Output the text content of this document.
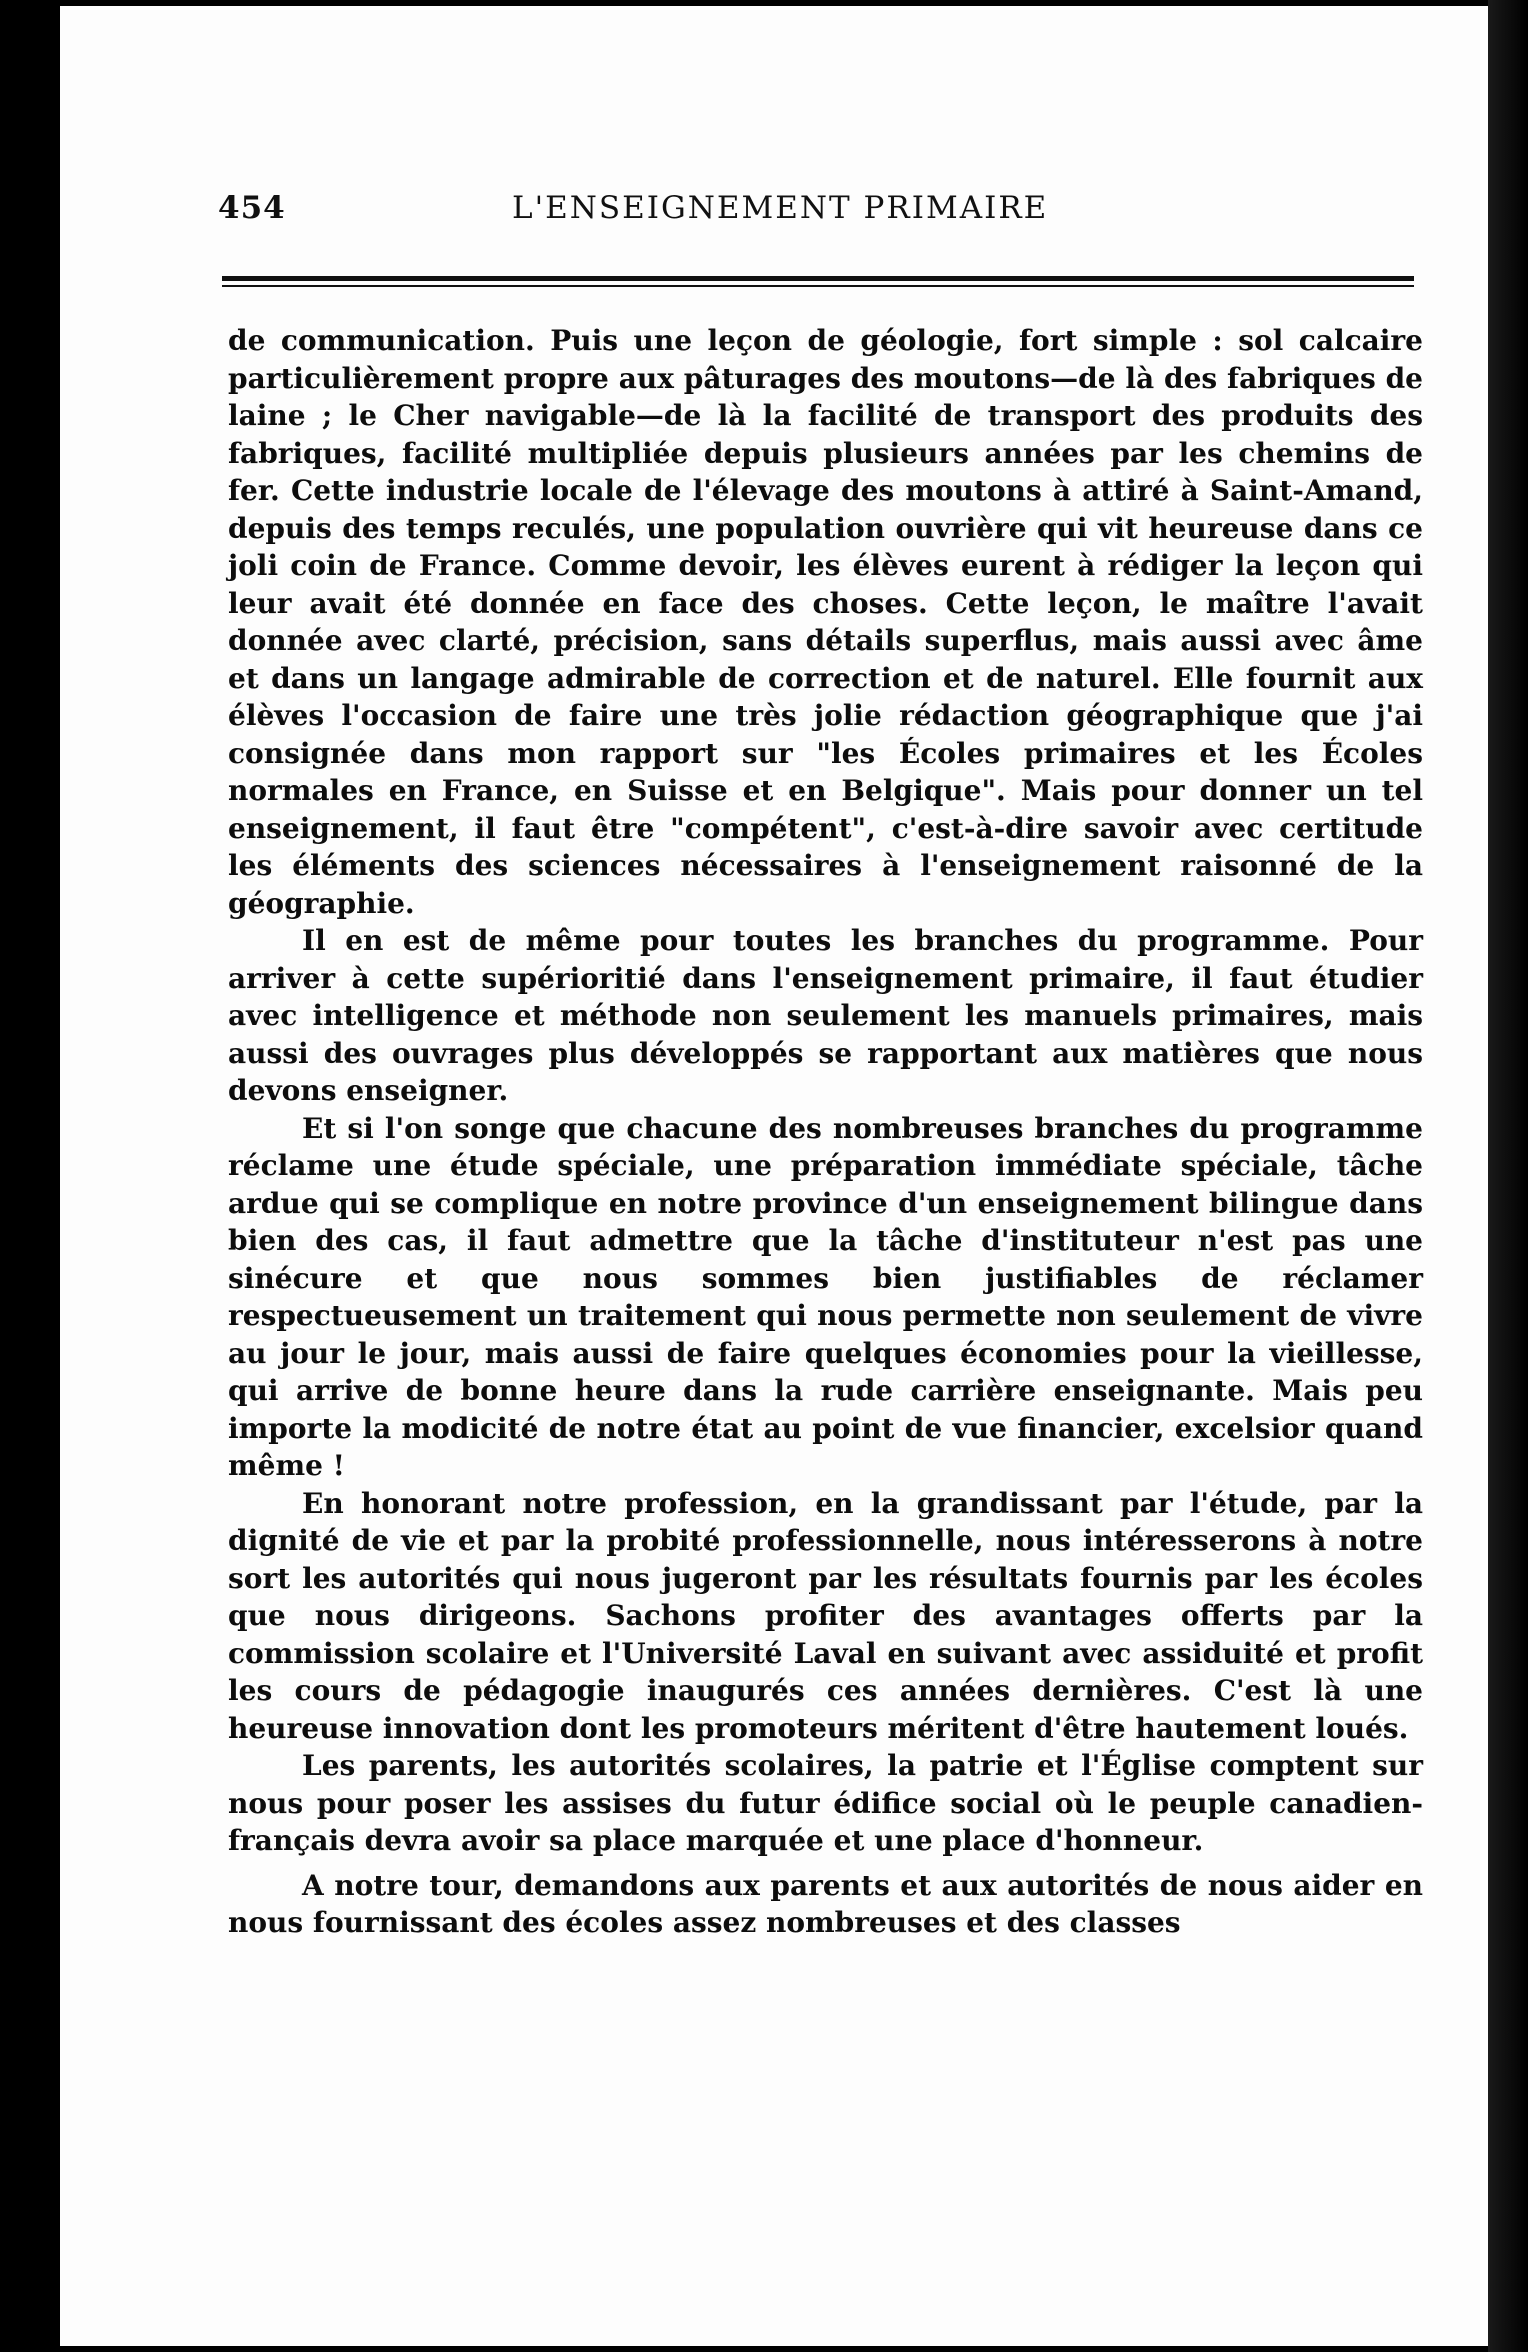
454	L'ENSEIGNEMENT PRIMAIRE

de communication. Puis une leçon de géologie, fort simple : sol calcaire particulièrement propre aux pâturages des moutons—de là des fabriques de laine ; le Cher navigable—de là la facilité de transport des produits des fabriques, facilité multipliée depuis plusieurs années par les chemins de fer. Cette industrie locale de l'élevage des moutons à attiré à Saint-Amand, depuis des temps reculés, une population ouvrière qui vit heureuse dans ce joli coin de France. Comme devoir, les élèves eurent à rédiger la leçon qui leur avait été donnée en face des choses. Cette leçon, le maître l'avait donnée avec clarté, précision, sans détails superflus, mais aussi avec âme et dans un langage admirable de correction et de naturel. Elle fournit aux élèves l'occasion de faire une très jolie rédaction géographique que j'ai consignée dans mon rapport sur "les Écoles primaires et les Écoles normales en France, en Suisse et en Belgique". Mais pour donner un tel enseignement, il faut être "compétent", c'est-à-dire savoir avec certitude les éléments des sciences nécessaires à l'enseignement raisonné de la géographie.

Il en est de même pour toutes les branches du programme. Pour arriver à cette supérioritié dans l'enseignement primaire, il faut étudier avec intelligence et méthode non seulement les manuels primaires, mais aussi des ouvrages plus développés se rapportant aux matières que nous devons enseigner.

Et si l'on songe que chacune des nombreuses branches du programme réclame une étude spéciale, une préparation immédiate spéciale, tâche ardue qui se complique en notre province d'un enseignement bilingue dans bien des cas, il faut admettre que la tâche d'instituteur n'est pas une sinécure et que nous sommes bien justifiables de réclamer respectueusement un traitement qui nous permette non seulement de vivre au jour le jour, mais aussi de faire quelques économies pour la vieillesse, qui arrive de bonne heure dans la rude carrière enseignante. Mais peu importe la modicité de notre état au point de vue financier, excelsior quand même !

En honorant notre profession, en la grandissant par l'étude, par la dignité de vie et par la probité professionnelle, nous intéresserons à notre sort les autorités qui nous jugeront par les résultats fournis par les écoles que nous dirigeons. Sachons profiter des avantages offerts par la commission scolaire et l'Université Laval en suivant avec assiduité et profit les cours de pédagogie inaugurés ces années dernières. C'est là une heureuse innovation dont les promoteurs méritent d'être hautement loués.

Les parents, les autorités scolaires, la patrie et l'Église comptent sur nous pour poser les assises du futur édifice social où le peuple canadien-français devra avoir sa place marquée et une place d'honneur.

A notre tour, demandons aux parents et aux autorités de nous aider en nous fournissant des écoles assez nombreuses et des classes
